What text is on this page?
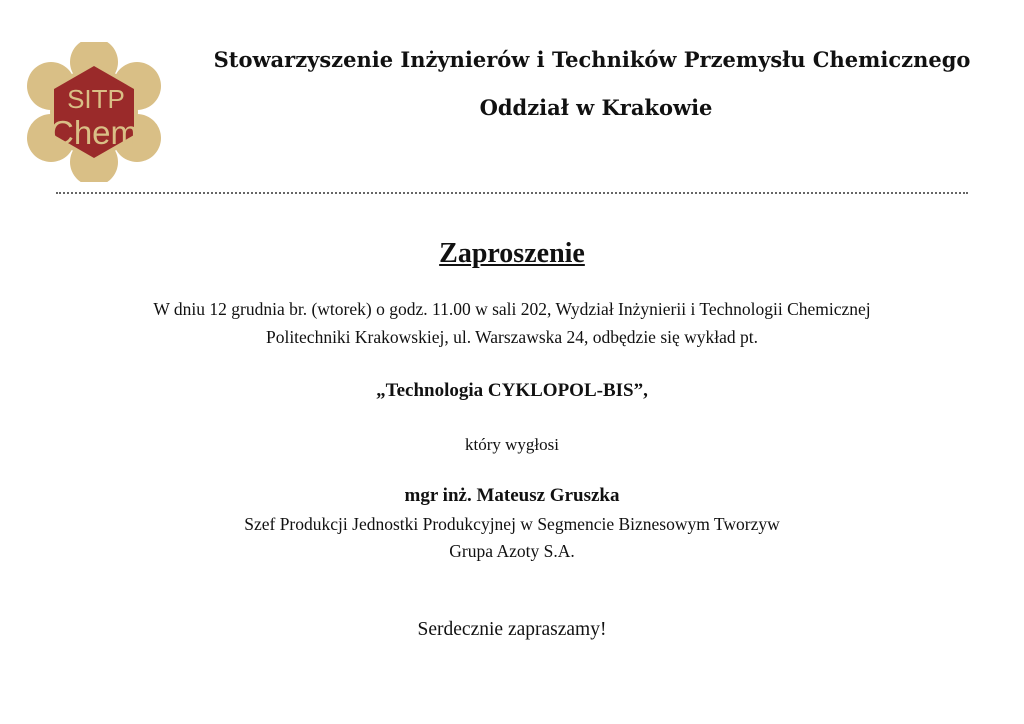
SITP
Chem
Stowarzyszenie Inżynierów i Techników Przemysłu Chemicznego
Oddział w Krakowie

Zaproszenie

W dniu 12 grudnia br. (wtorek) o godz. 11.00 w sali 202, Wydział Inżynierii i Technologii Chemicznej

Politechniki Krakowskiej, ul. Warszawska 24, odbędzie się wykład pt.

„Technologia CYKLOPOL-BIS”,

który wygłosi

mgr inż. Mateusz Gruszka

Szef Produkcji Jednostki Produkcyjnej w Segmencie Biznesowym Tworzyw

Grupa Azoty S.A.

Serdecznie zapraszamy!
